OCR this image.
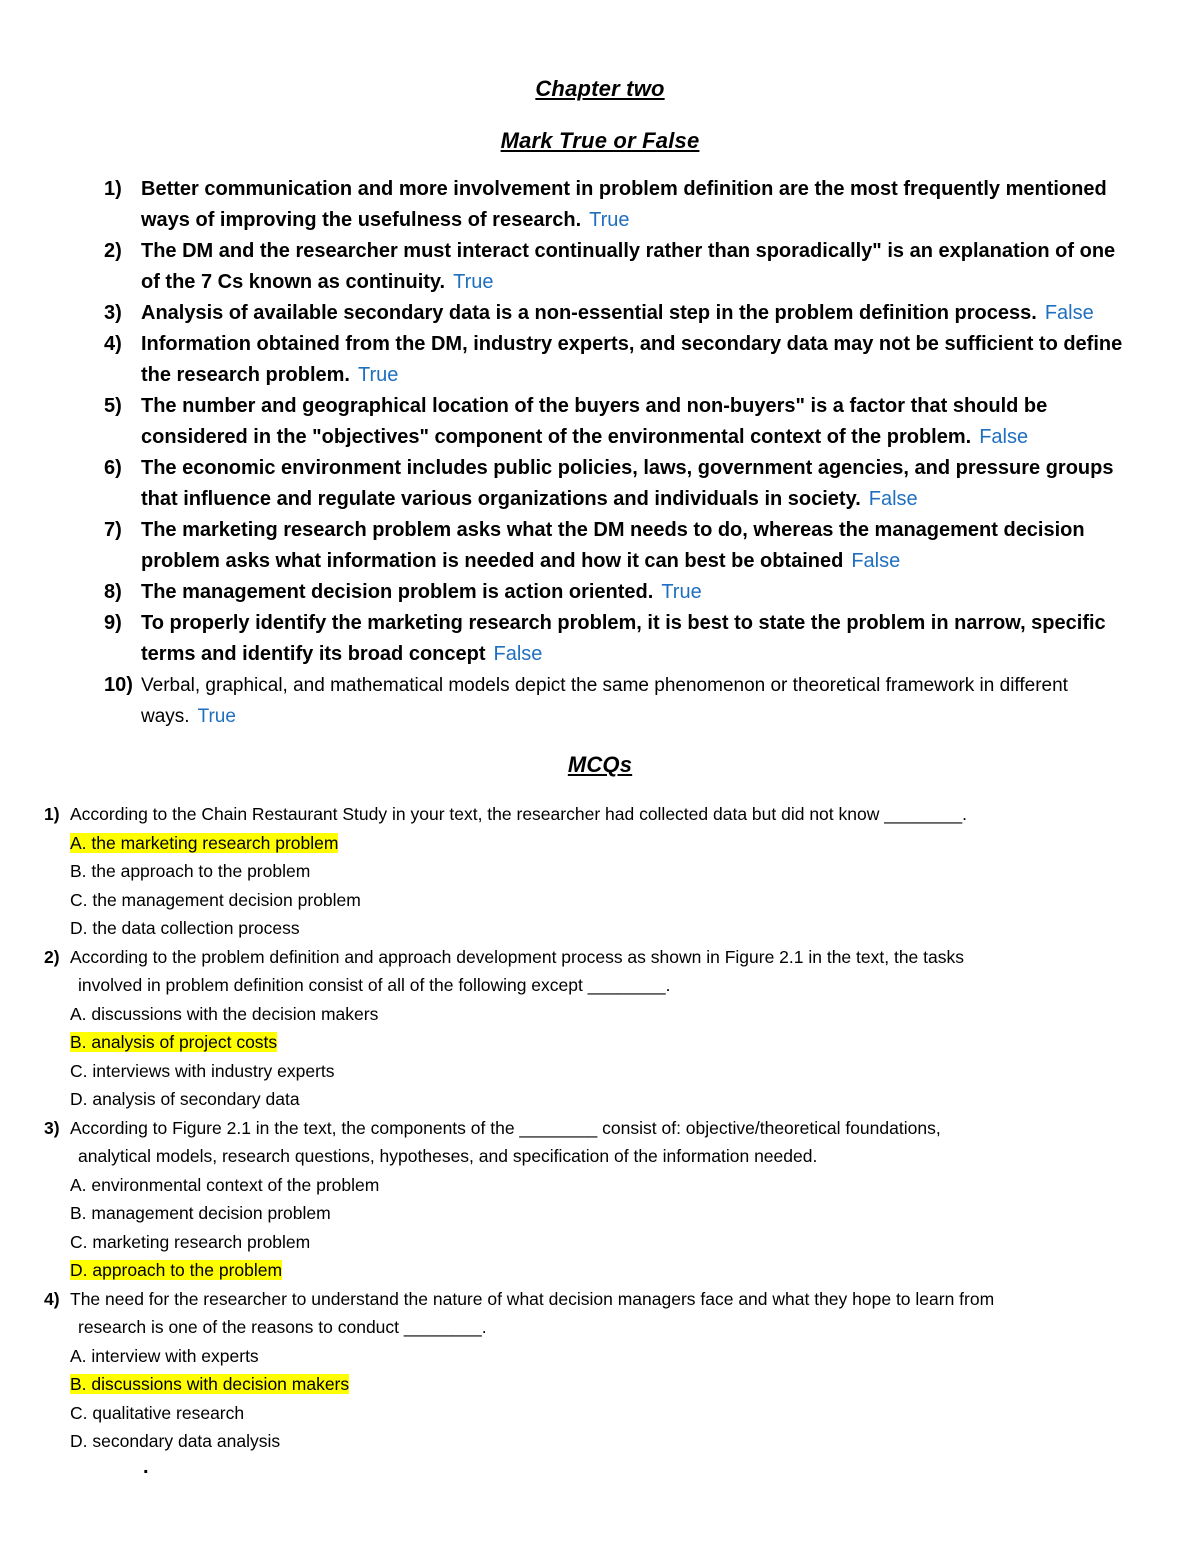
Chapter two
Mark True or False
1) Better communication and more involvement in problem definition are the most frequently mentioned ways of improving the usefulness of research. True
2) The DM and the researcher must interact continually rather than sporadically" is an explanation of one of the 7 Cs known as continuity. True
3) Analysis of available secondary data is a non-essential step in the problem definition process. False
4) Information obtained from the DM, industry experts, and secondary data may not be sufficient to define the research problem. True
5) The number and geographical location of the buyers and non-buyers" is a factor that should be considered in the "objectives" component of the environmental context of the problem. False
6) The economic environment includes public policies, laws, government agencies, and pressure groups that influence and regulate various organizations and individuals in society. False
7) The marketing research problem asks what the DM needs to do, whereas the management decision problem asks what information is needed and how it can best be obtained False
8) The management decision problem is action oriented. True
9) To properly identify the marketing research problem, it is best to state the problem in narrow, specific terms and identify its broad concept False
10) Verbal, graphical, and mathematical models depict the same phenomenon or theoretical framework in different ways. True
MCQs
1) According to the Chain Restaurant Study in your text, the researcher had collected data but did not know ________.
A. the marketing research problem
B. the approach to the problem
C. the management decision problem
D. the data collection process
2) According to the problem definition and approach development process as shown in Figure 2.1 in the text, the tasks
involved in problem definition consist of all of the following except ________.
A. discussions with the decision makers
B. analysis of project costs
C. interviews with industry experts
D. analysis of secondary data
3) According to Figure 2.1 in the text, the components of the ________ consist of: objective/theoretical foundations,
analytical models, research questions, hypotheses, and specification of the information needed.
A. environmental context of the problem
B. management decision problem
C. marketing research problem
D. approach to the problem
4) The need for the researcher to understand the nature of what decision managers face and what they hope to learn from
research is one of the reasons to conduct ________.
A. interview with experts
B. discussions with decision makers
C. qualitative research
D. secondary data analysis
.
